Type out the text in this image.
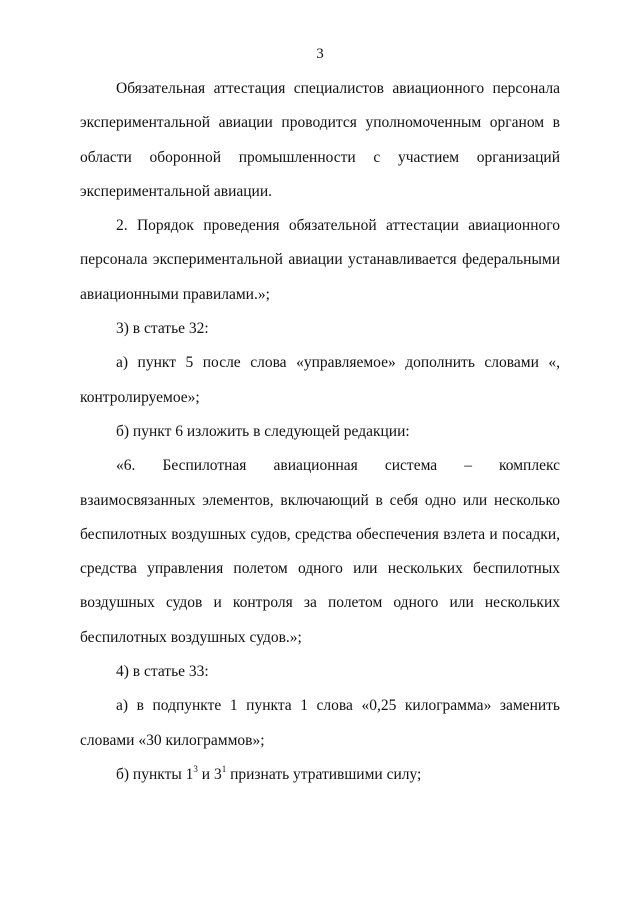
3

Обязательная аттестация специалистов авиационного персонала экспериментальной авиации проводится уполномоченным органом в области оборонной промышленности с участием организаций экспериментальной авиации.

2. Порядок проведения обязательной аттестации авиационного персонала экспериментальной авиации устанавливается федеральными авиационными правилами.»;

3) в статье 32:

а) пункт 5 после слова «управляемое» дополнить словами «, контролируемое»;

б) пункт 6 изложить в следующей редакции:

«6. Беспилотная авиационная система – комплекс взаимосвязанных элементов, включающий в себя одно или несколько беспилотных воздушных судов, средства обеспечения взлета и посадки, средства управления полетом одного или нескольких беспилотных воздушных судов и контроля за полетом одного или нескольких беспилотных воздушных судов.»;

4) в статье 33:

а) в подпункте 1 пункта 1 слова «0,25 килограмма» заменить словами «30 килограммов»;

б) пункты $1^3$ и $3^1$ признать утратившими силу;
